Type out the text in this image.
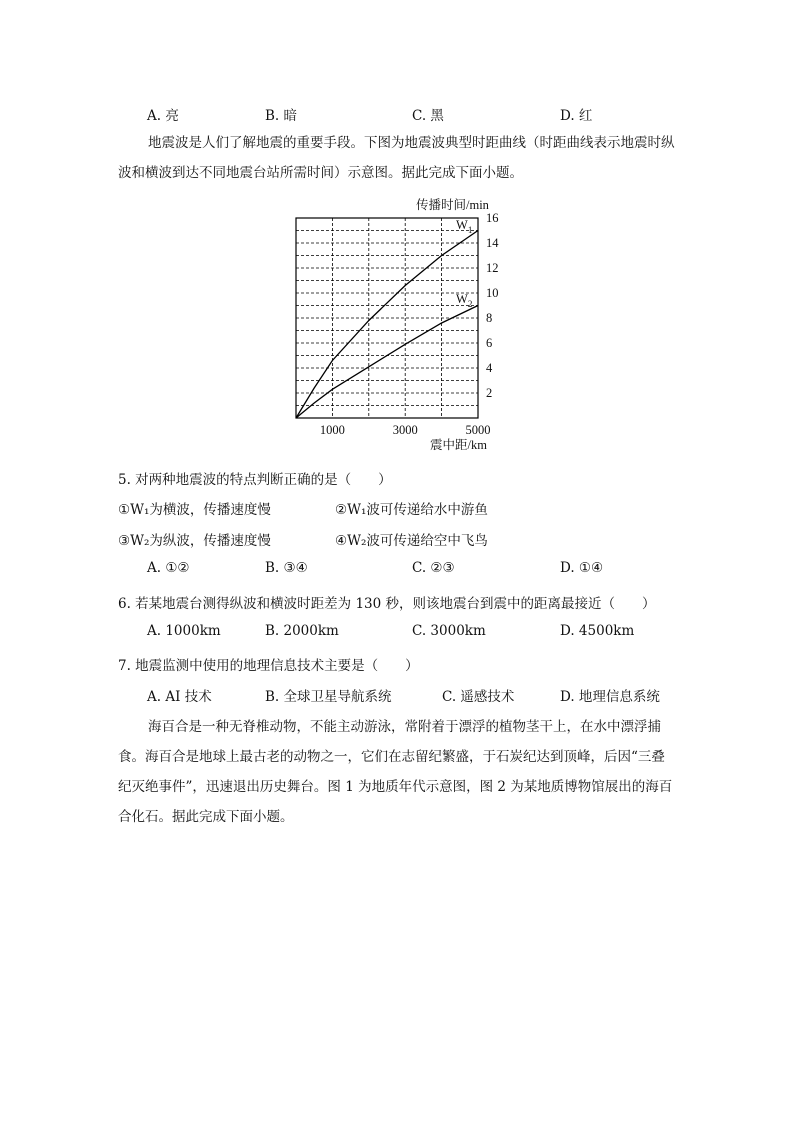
A. 亮	B. 暗	C. 黑	D. 红
地震波是人们了解地震的重要手段。下图为地震波典型时距曲线（时距曲线表示地震时纵波和横波到达不同地震台站所需时间）示意图。据此完成下面小题。
2
4
6
8
10
12
14
16
1000	3000	5000
传播时间/min
震中距/km
$W_1$
$W_2$
5. 对两种地震波的特点判断正确的是（　　）
①W₁为横波，传播速度慢	②W₁波可传递给水中游鱼
③W₂为纵波，传播速度慢	④W₂波可传递给空中飞鸟
A. ①②	B. ③④	C. ②③	D. ①④
6. 若某地震台测得纵波和横波时距差为 130 秒，则该地震台到震中的距离最接近（　　）
A. 1000km	B. 2000km	C. 3000km	D. 4500km
7. 地震监测中使用的地理信息技术主要是（　　）
A. AI 技术	B. 全球卫星导航系统	C. 遥感技术	D. 地理信息系统
海百合是一种无脊椎动物，不能主动游泳，常附着于漂浮的植物茎干上，在水中漂浮捕食。海百合是地球上最古老的动物之一，它们在志留纪繁盛，于石炭纪达到顶峰，后因“三叠纪灭绝事件”，迅速退出历史舞台。图 1 为地质年代示意图，图 2 为某地质博物馆展出的海百合化石。据此完成下面小题。
